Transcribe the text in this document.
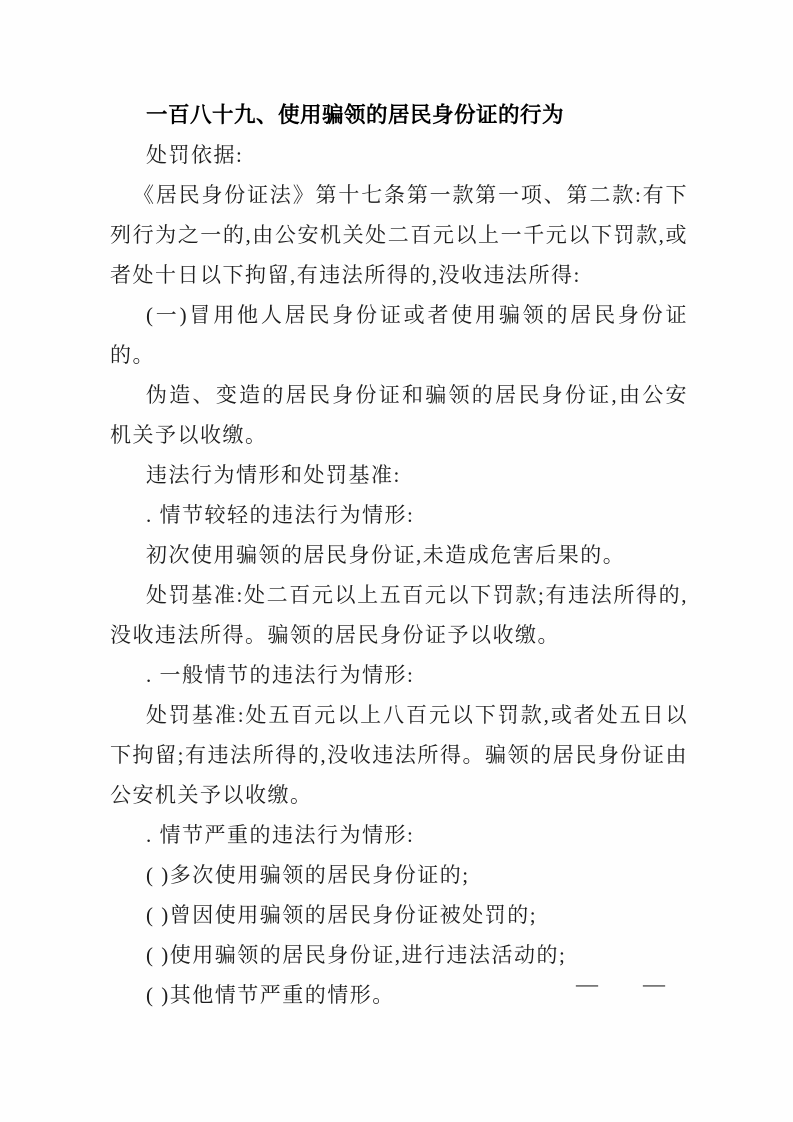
一百八十九、使用骗领的居民身份证的行为

处罚依据:

《居民身份证法》第十七条第一款第一项、第二款:有下列行为之一的,由公安机关处二百元以上一千元以下罚款,或者处十日以下拘留,有违法所得的,没收违法所得:

(一)冒用他人居民身份证或者使用骗领的居民身份证的。

伪造、变造的居民身份证和骗领的居民身份证,由公安机关予以收缴。

违法行为情形和处罚基准:

. 情节较轻的违法行为情形:

初次使用骗领的居民身份证,未造成危害后果的。

处罚基准:处二百元以上五百元以下罚款;有违法所得的,没收违法所得。骗领的居民身份证予以收缴。

. 一般情节的违法行为情形:

处罚基准:处五百元以上八百元以下罚款,或者处五日以下拘留;有违法所得的,没收违法所得。骗领的居民身份证由公安机关予以收缴。

. 情节严重的违法行为情形:

( )多次使用骗领的居民身份证的;

( )曾因使用骗领的居民身份证被处罚的;

( )使用骗领的居民身份证,进行违法活动的;

( )其他情节严重的情形。	— —
